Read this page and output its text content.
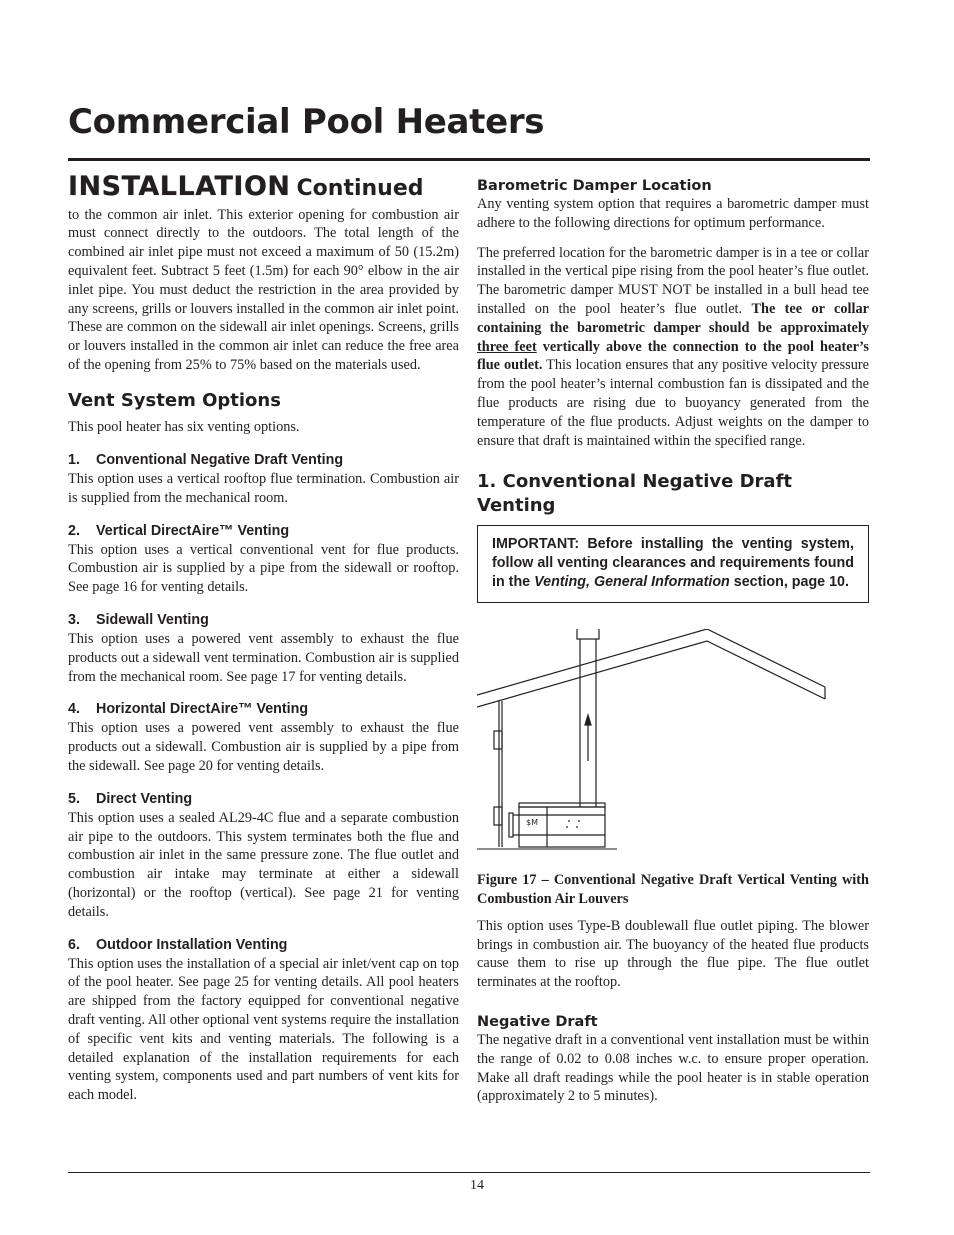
Commercial Pool Heaters
INSTALLATION Continued

to the common air inlet. This exterior opening for combustion air must connect directly to the outdoors. The total length of the combined air inlet pipe must not exceed a maximum of 50 (15.2m) equivalent feet. Subtract 5 feet (1.5m) for each 90° elbow in the air inlet pipe. You must deduct the restriction in the area provided by any screens, grills or louvers installed in the common air inlet point. These are common on the sidewall air inlet openings. Screens, grills or louvers installed in the common air inlet can reduce the free area of the opening from 25% to 75% based on the materials used.

Vent System Options

This pool heater has six venting options.

1. Conventional Negative Draft Venting

This option uses a vertical rooftop flue termination. Combustion air is supplied from the mechanical room.

2. Vertical DirectAire™ Venting

This option uses a vertical conventional vent for flue products. Combustion air is supplied by a pipe from the sidewall or rooftop. See page 16 for venting details.

3. Sidewall Venting

This option uses a powered vent assembly to exhaust the flue products out a sidewall vent termination. Combustion air is supplied from the mechanical room. See page 17 for venting details.

4. Horizontal DirectAire™ Venting

This option uses a powered vent assembly to exhaust the flue products out a sidewall. Combustion air is supplied by a pipe from the sidewall. See page 20 for venting details.

5. Direct Venting

This option uses a sealed AL29-4C flue and a separate combustion air pipe to the outdoors. This system terminates both the flue and combustion air inlet in the same pressure zone. The flue outlet and combustion air intake may terminate at either a sidewall (horizontal) or the rooftop (vertical). See page 21 for venting details.

6. Outdoor Installation Venting

This option uses the installation of a special air inlet/vent cap on top of the pool heater. See page 25 for venting details. All pool heaters are shipped from the factory equipped for conventional negative draft venting. All other optional vent systems require the installation of specific vent kits and venting materials. The following is a detailed explanation of the installation requirements for each venting system, components used and part numbers of vent kits for each model.

Barometric Damper Location

Any venting system option that requires a barometric damper must adhere to the following directions for optimum performance.

The preferred location for the barometric damper is in a tee or collar installed in the vertical pipe rising from the pool heater’s flue outlet. The barometric damper MUST NOT be installed in a bull head tee installed on the pool heater’s flue outlet. The tee or collar containing the barometric damper should be approximately three feet vertically above the connection to the pool heater’s flue outlet. This location ensures that any positive velocity pressure from the pool heater’s internal combustion fan is dissipated and the flue products are rising due to buoyancy generated from the temperature of the flue products. Adjust weights on the damper to ensure that draft is maintained within the specified range.

1. Conventional Negative Draft Venting
IMPORTANT: Before installing the venting system, follow all venting clearances and requirements found in the Venting, General Information section, page 10.
$M

Figure 17 – Conventional Negative Draft Vertical Venting with Combustion Air Louvers

This option uses Type-B doublewall flue outlet piping. The blower brings in combustion air. The buoyancy of the heated flue products cause them to rise up through the flue pipe. The flue outlet terminates at the rooftop.

Negative Draft

The negative draft in a conventional vent installation must be within the range of 0.02 to 0.08 inches w.c. to ensure proper operation. Make all draft readings while the pool heater is in stable operation (approximately 2 to 5 minutes).

14
